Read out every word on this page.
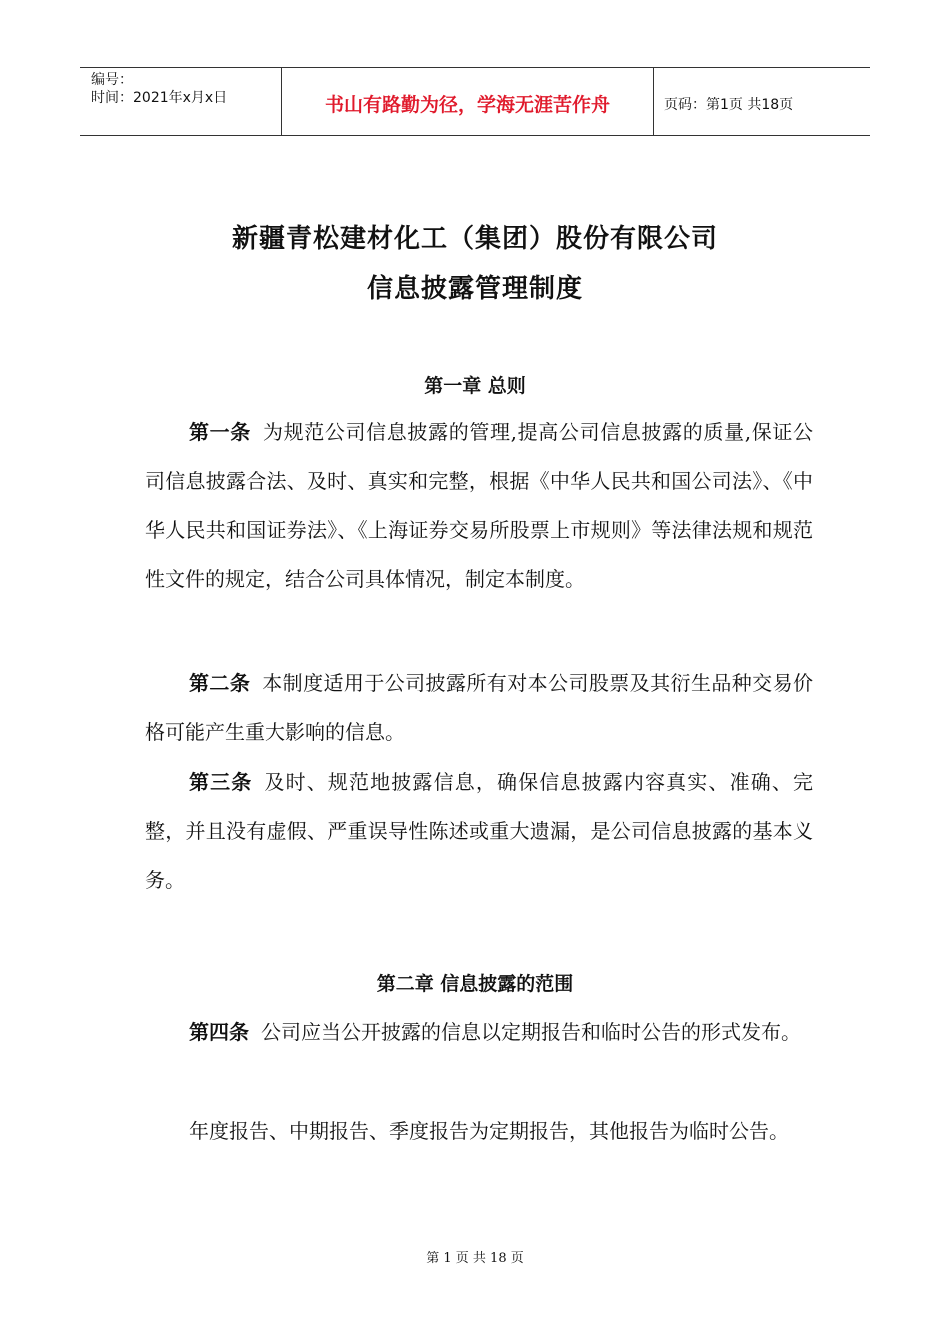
编号：
时间：2021年x月x日	书山有路勤为径，学海无涯苦作舟	页码：第1页 共18页
新疆青松建材化工（集团）股份有限公司
信息披露管理制度
第一章 总则
第一条 为规范公司信息披露的管理,提高公司信息披露的质量,保证公司信息披露合法、及时、真实和完整，根据《中华人民共和国公司法》、《中华人民共和国证券法》、《上海证券交易所股票上市规则》等法律法规和规范性文件的规定，结合公司具体情况，制定本制度。
第二条 本制度适用于公司披露所有对本公司股票及其衍生品种交易价格可能产生重大影响的信息。
第三条 及时、规范地披露信息，确保信息披露内容真实、准确、完整，并且没有虚假、严重误导性陈述或重大遗漏，是公司信息披露的基本义务。
第二章 信息披露的范围
第四条 公司应当公开披露的信息以定期报告和临时公告的形式发布。
年度报告、中期报告、季度报告为定期报告，其他报告为临时公告。
第 1 页 共 18 页
